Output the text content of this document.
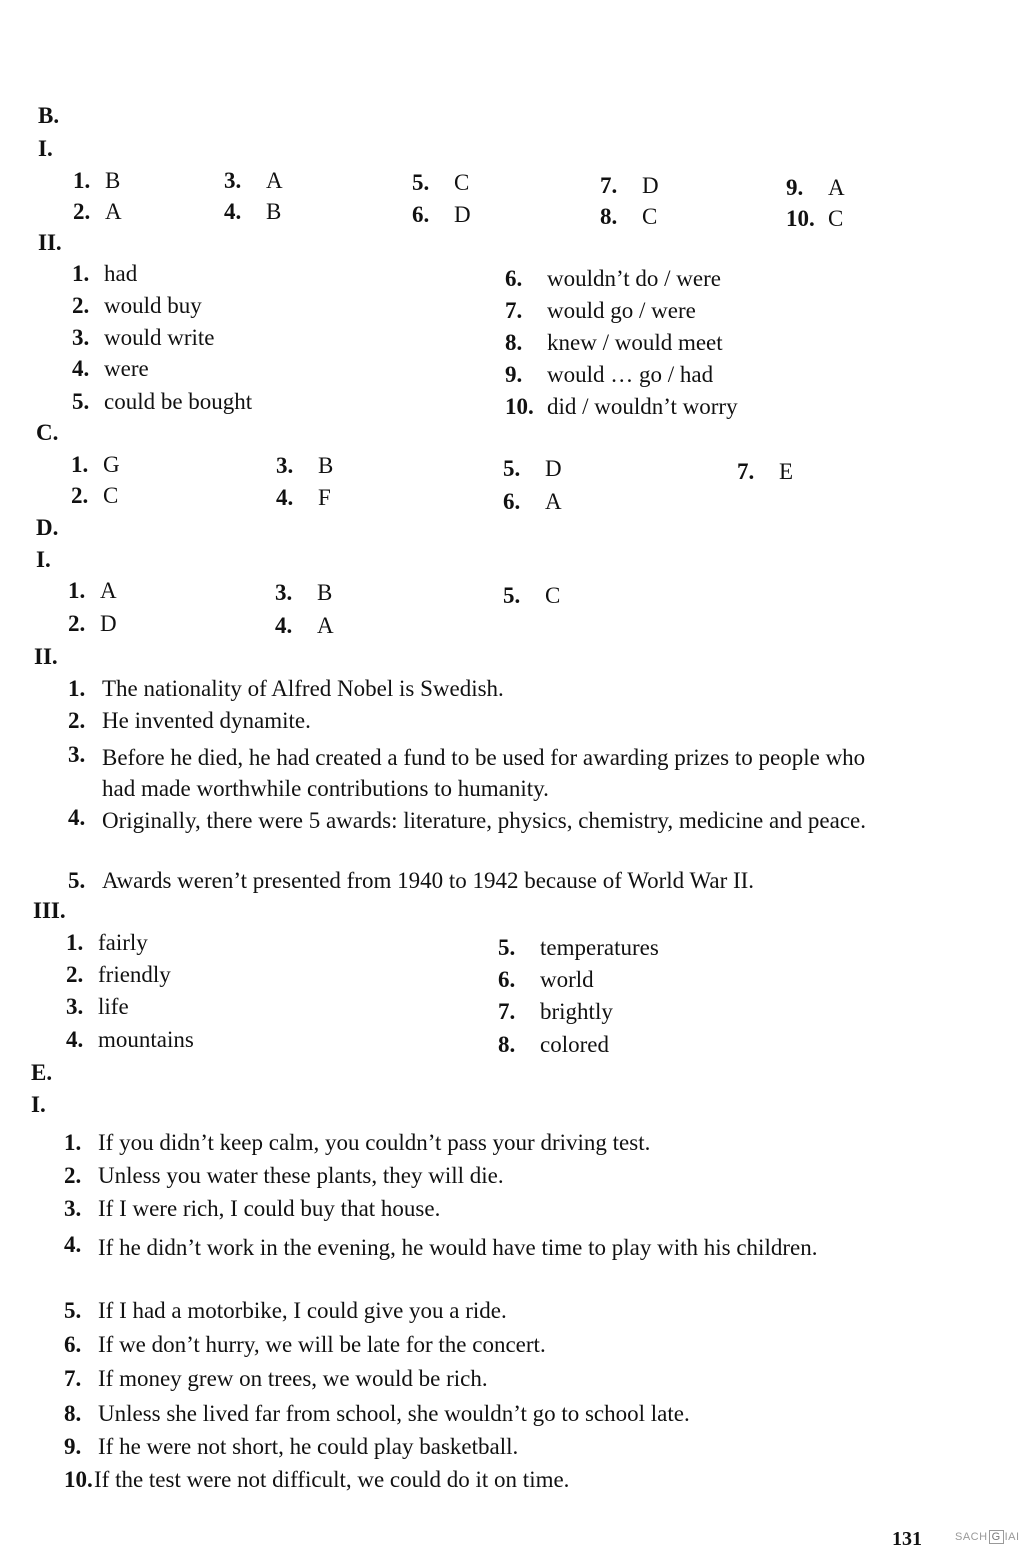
B.
I.
1. B
2. A
3. A
4. B
5. C
6. D
7. D
8. C
9. A
10. C
II.
1. had
2. would buy
3. would write
4. were
5. could be bought
6. wouldn’t do / were
7. would go / were
8. knew / would meet
9. would … go / had
10. did / wouldn’t worry
C.
1. G
2. C
3. B
4. F
5. D
6. A
7. E
D.
I.
1. A
2. D
3. B
4. A
5. C
II.
1. The nationality of Alfred Nobel is Swedish.
2. He invented dynamite.
3. Before he died, he had created a fund to be used for awarding prizes to people who had made worthwhile contributions to humanity.
4. Originally, there were 5 awards: literature, physics, chemistry, medicine and peace.
5. Awards weren’t presented from 1940 to 1942 because of World War II.
III.
1. fairly
2. friendly
3. life
4. mountains
5. temperatures
6. world
7. brightly
8. colored
E.
I.
1. If you didn’t keep calm, you couldn’t pass your driving test.
2. Unless you water these plants, they will die.
3. If I were rich, I could buy that house.
4. If he didn’t work in the evening, he would have time to play with his children.
5. If I had a motorbike, I could give you a ride.
6. If we don’t hurry, we will be late for the concert.
7. If money grew on trees, we would be rich.
8. Unless she lived far from school, she wouldn’t go to school late.
9. If he were not short, he could play basketball.
10.If the test were not difficult, we could do it on time.
131	SACH G IAI
